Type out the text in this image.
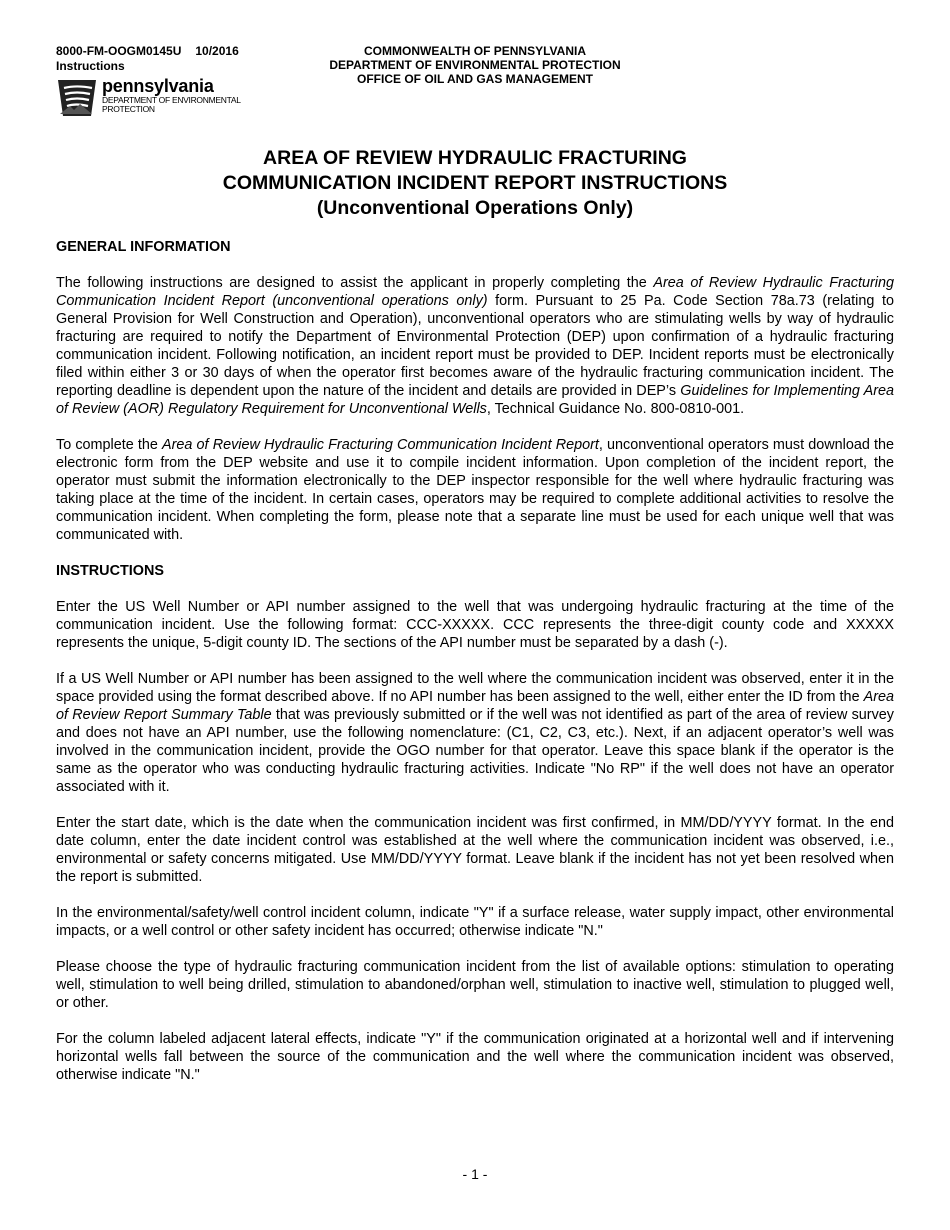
8000-FM-OOGM0145U 10/2016
Instructions
COMMONWEALTH OF PENNSYLVANIA
DEPARTMENT OF ENVIRONMENTAL PROTECTION
OFFICE OF OIL AND GAS MANAGEMENT
pennsylvania
DEPARTMENT OF ENVIRONMENTAL PROTECTION
AREA OF REVIEW HYDRAULIC FRACTURING
COMMUNICATION INCIDENT REPORT INSTRUCTIONS
(Unconventional Operations Only)
GENERAL INFORMATION

The following instructions are designed to assist the applicant in properly completing the Area of Review Hydraulic Fracturing Communication Incident Report (unconventional operations only) form. Pursuant to 25 Pa. Code Section 78a.73 (relating to General Provision for Well Construction and Operation), unconventional operators who are stimulating wells by way of hydraulic fracturing are required to notify the Department of Environmental Protection (DEP) upon confirmation of a hydraulic fracturing communication incident. Following notification, an incident report must be provided to DEP. Incident reports must be electronically filed within either 3 or 30 days of when the operator first becomes aware of the hydraulic fracturing communication incident. The reporting deadline is dependent upon the nature of the incident and details are provided in DEP’s Guidelines for Implementing Area of Review (AOR) Regulatory Requirement for Unconventional Wells, Technical Guidance No. 800-0810-001.

To complete the Area of Review Hydraulic Fracturing Communication Incident Report, unconventional operators must download the electronic form from the DEP website and use it to compile incident information. Upon completion of the incident report, the operator must submit the information electronically to the DEP inspector responsible for the well where hydraulic fracturing was taking place at the time of the incident. In certain cases, operators may be required to complete additional activities to resolve the communication incident. When completing the form, please note that a separate line must be used for each unique well that was communicated with.

INSTRUCTIONS

Enter the US Well Number or API number assigned to the well that was undergoing hydraulic fracturing at the time of the communication incident. Use the following format: CCC-XXXXX. CCC represents the three-digit county code and XXXXX represents the unique, 5-digit county ID. The sections of the API number must be separated by a dash (-).

If a US Well Number or API number has been assigned to the well where the communication incident was observed, enter it in the space provided using the format described above. If no API number has been assigned to the well, either enter the ID from the Area of Review Report Summary Table that was previously submitted or if the well was not identified as part of the area of review survey and does not have an API number, use the following nomenclature: (C1, C2, C3, etc.). Next, if an adjacent operator’s well was involved in the communication incident, provide the OGO number for that operator. Leave this space blank if the operator is the same as the operator who was conducting hydraulic fracturing activities. Indicate "No RP" if the well does not have an operator associated with it.

Enter the start date, which is the date when the communication incident was first confirmed, in MM/DD/YYYY format. In the end date column, enter the date incident control was established at the well where the communication incident was observed, i.e., environmental or safety concerns mitigated. Use MM/DD/YYYY format. Leave blank if the incident has not yet been resolved when the report is submitted.

In the environmental/safety/well control incident column, indicate "Y" if a surface release, water supply impact, other environmental impacts, or a well control or other safety incident has occurred; otherwise indicate "N."

Please choose the type of hydraulic fracturing communication incident from the list of available options: stimulation to operating well, stimulation to well being drilled, stimulation to abandoned/orphan well, stimulation to inactive well, stimulation to plugged well, or other.

For the column labeled adjacent lateral effects, indicate "Y" if the communication originated at a horizontal well and if intervening horizontal wells fall between the source of the communication and the well where the communication incident was observed, otherwise indicate "N."

- 1 -
